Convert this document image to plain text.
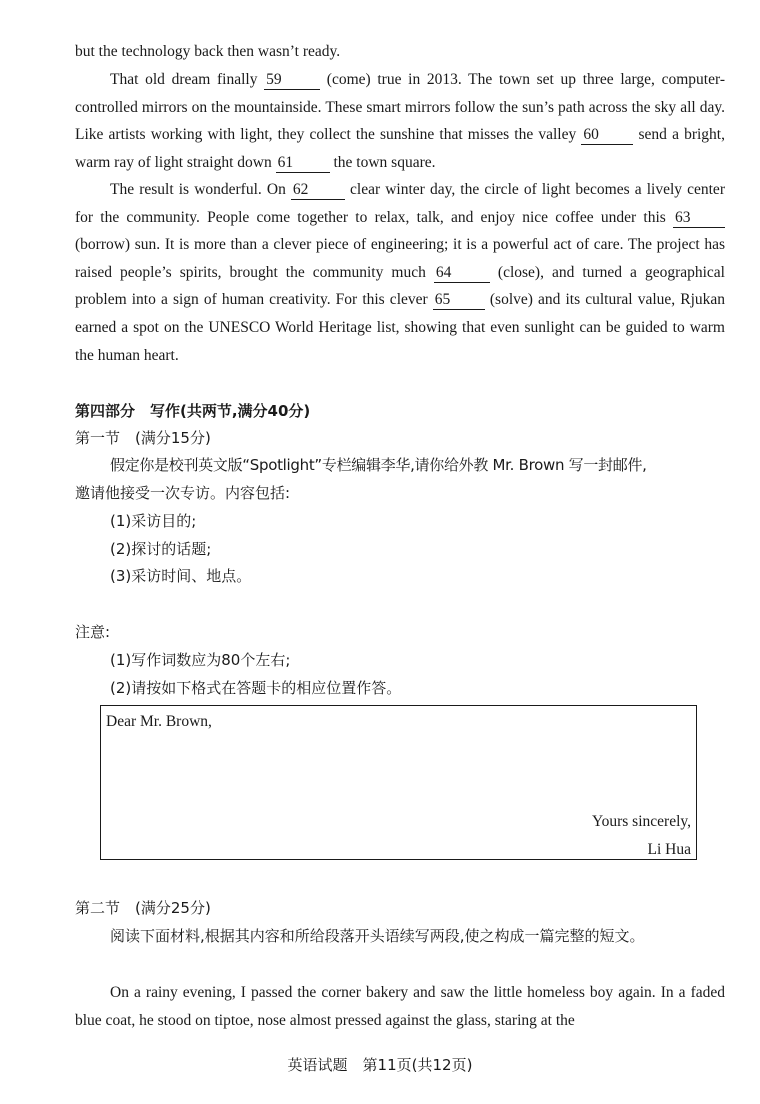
but the technology back then wasn’t ready.

That old dream finally 59 (come) true in 2013. The town set up three large, computer-controlled mirrors on the mountainside. These smart mirrors follow the sun’s path across the sky all day. Like artists working with light, they collect the sunshine that misses the valley 60 send a bright, warm ray of light straight down 61 the town square.

The result is wonderful. On 62 clear winter day, the circle of light becomes a lively center for the community. People come together to relax, talk, and enjoy nice coffee under this 63 (borrow) sun. It is more than a clever piece of engineering; it is a powerful act of care. The project has raised people’s spirits, brought the community much 64 (close), and turned a geographical problem into a sign of human creativity. For this clever 65 (solve) and its cultural value, Rjukan earned a spot on the UNESCO World Heritage list, showing that even sunlight can be guided to warm the human heart.

第四部分　写作(共两节,满分40分)
第一节　(满分15分)
假定你是校刊英文版“Spotlight”专栏编辑李华,请你给外教 Mr. Brown 写一封邮件,
邀请他接受一次专访。内容包括:
(1)采访目的;
(2)探讨的话题;
(3)采访时间、地点。
注意:
(1)写作词数应为80个左右;
(2)请按如下格式在答题卡的相应位置作答。
Dear Mr. Brown,
Yours sincerely,
Li Hua
第二节　(满分25分)
阅读下面材料,根据其内容和所给段落开头语续写两段,使之构成一篇完整的短文。

On a rainy evening, I passed the corner bakery and saw the little homeless boy again. In a faded blue coat, he stood on tiptoe, nose almost pressed against the glass, staring at the

英语试题　第11页(共12页)
